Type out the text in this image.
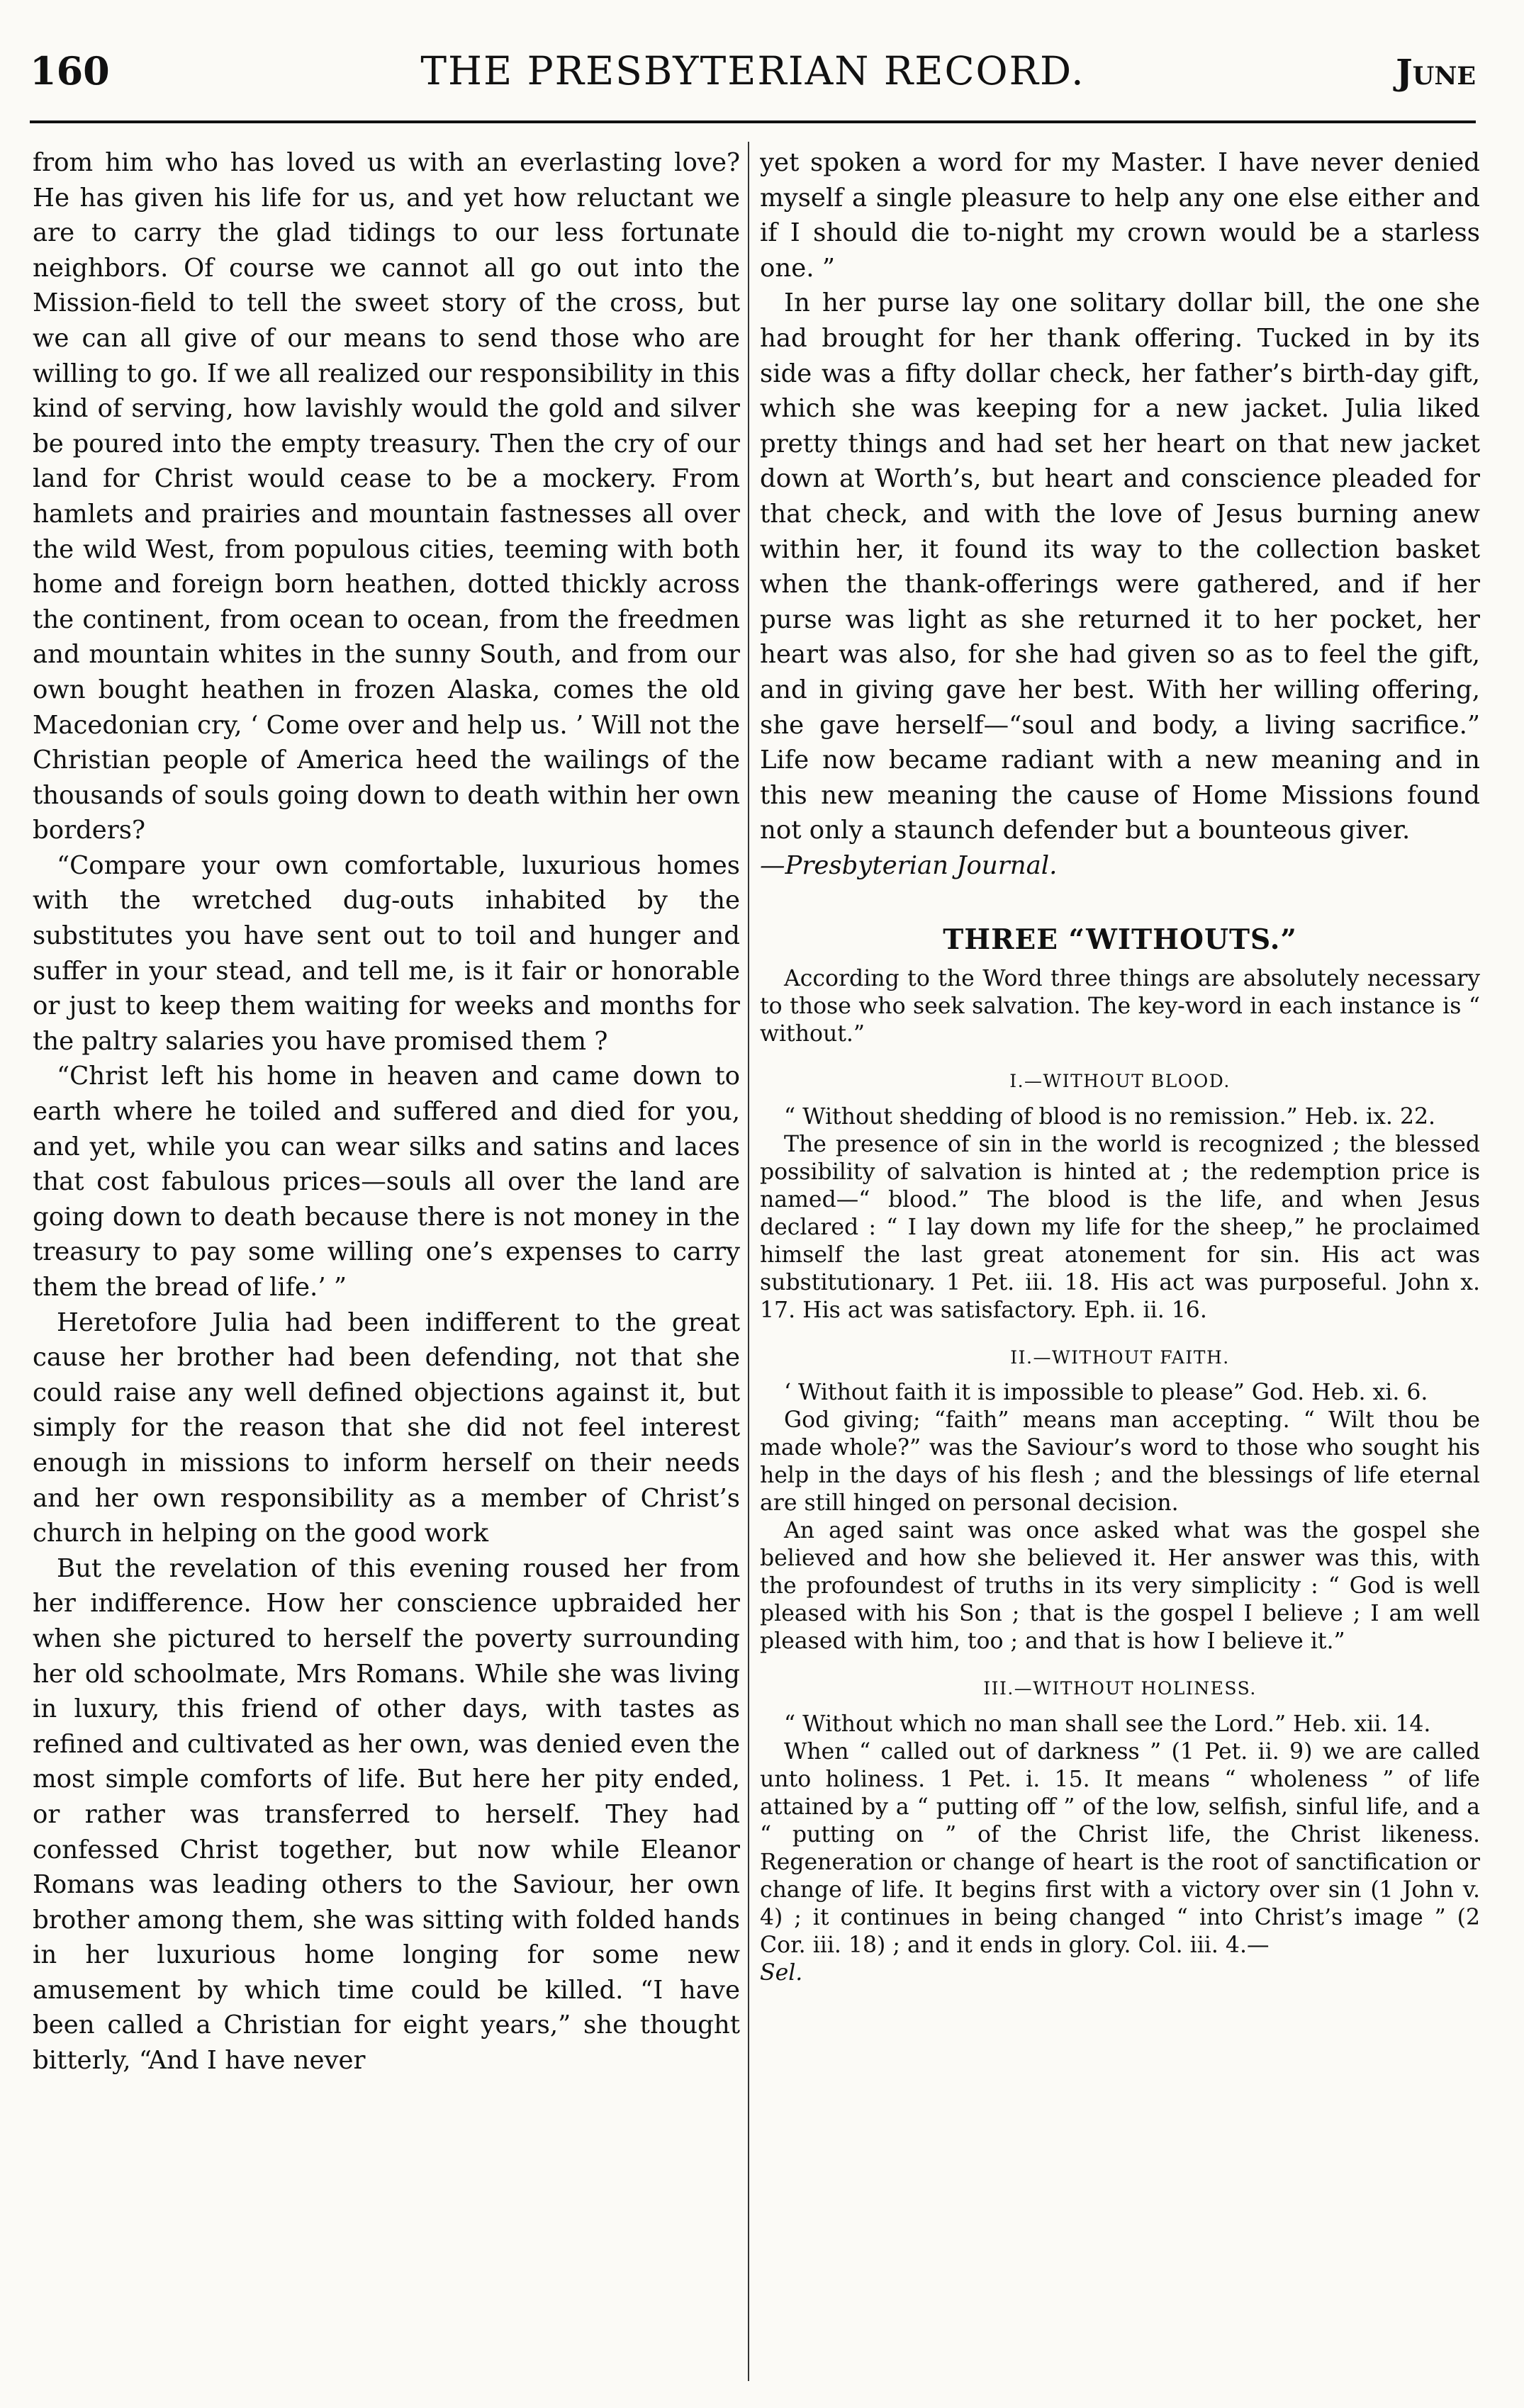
THE PRESBYTERIAN RECORD.
160	June

from him who has loved us with an everlasting love? He has given his life for us, and yet how reluctant we are to carry the glad tidings to our less fortunate neighbors. Of course we cannot all go out into the Mission-field to tell the sweet story of the cross, but we can all give of our means to send those who are willing to go. If we all realized our responsibility in this kind of serving, how lavishly would the gold and silver be poured into the empty treasury. Then the cry of our land for Christ would cease to be a mockery. From hamlets and prairies and mountain fastnesses all over the wild West, from populous cities, teeming with both home and foreign born heathen, dotted thickly across the continent, from ocean to ocean, from the freedmen and mountain whites in the sunny South, and from our own bought heathen in frozen Alaska, comes the old Macedonian cry, ‘ Come over and help us. ’ Will not the Christian people of America heed the wailings of the thousands of souls going down to death within her own borders?

“Compare your own comfortable, luxurious homes with the wretched dug-outs inhabited by the substitutes you have sent out to toil and hunger and suffer in your stead, and tell me, is it fair or honorable or just to keep them waiting for weeks and months for the paltry salaries you have promised them ?

“Christ left his home in heaven and came down to earth where he toiled and suffered and died for you, and yet, while you can wear silks and satins and laces that cost fabulous prices—souls all over the land are going down to death because there is not money in the treasury to pay some willing one’s expenses to carry them the bread of life.’ ”

Heretofore Julia had been indifferent to the great cause her brother had been defending, not that she could raise any well defined objections against it, but simply for the reason that she did not feel interest enough in missions to inform herself on their needs and her own responsibility as a member of Christ’s church in helping on the good work

But the revelation of this evening roused her from her indifference. How her conscience upbraided her when she pictured to herself the poverty surrounding her old schoolmate, Mrs Romans. While she was living in luxury, this friend of other days, with tastes as refined and cultivated as her own, was denied even the most simple comforts of life. But here her pity ended, or rather was transferred to herself. They had confessed Christ together, but now while Eleanor Romans was leading others to the Saviour, her own brother among them, she was sitting with folded hands in her luxurious home longing for some new amusement by which time could be killed. “I have been called a Christian for eight years,” she thought bitterly, “And I have never

yet spoken a word for my Master. I have never denied myself a single pleasure to help any one else either and if I should die to-night my crown would be a starless one. ”

In her purse lay one solitary dollar bill, the one she had brought for her thank offering. Tucked in by its side was a fifty dollar check, her father’s birth-day gift, which she was keeping for a new jacket. Julia liked pretty things and had set her heart on that new jacket down at Worth’s, but heart and conscience pleaded for that check, and with the love of Jesus burning anew within her, it found its way to the collection basket when the thank-offerings were gathered, and if her purse was light as she returned it to her pocket, her heart was also, for she had given so as to feel the gift, and in giving gave her best. With her willing offering, she gave herself—“soul and body, a living sacrifice.” Life now became radiant with a new meaning and in this new meaning the cause of Home Missions found not only a staunch defender but a bounteous giver.

—Presbyterian Journal.

THREE “WITHOUTS.”

According to the Word three things are absolutely necessary to those who seek salvation. The key-word in each instance is “ without.”

I.—WITHOUT BLOOD.

“ Without shedding of blood is no remission.” Heb. ix. 22.

The presence of sin in the world is recognized ; the blessed possibility of salvation is hinted at ; the redemption price is named—“ blood.” The blood is the life, and when Jesus declared : “ I lay down my life for the sheep,” he proclaimed himself the last great atonement for sin. His act was substitutionary. 1 Pet. iii. 18. His act was purposeful. John x. 17. His act was satisfactory. Eph. ii. 16.

II.—WITHOUT FAITH.

‘ Without faith it is impossible to please” God. Heb. xi. 6.

God giving; “faith” means man accepting. “ Wilt thou be made whole?” was the Saviour’s word to those who sought his help in the days of his flesh ; and the blessings of life eternal are still hinged on personal decision.

An aged saint was once asked what was the gospel she believed and how she believed it. Her answer was this, with the profoundest of truths in its very simplicity : “ God is well pleased with his Son ; that is the gospel I believe ; I am well pleased with him, too ; and that is how I believe it.”

III.—WITHOUT HOLINESS.

“ Without which no man shall see the Lord.” Heb. xii. 14.

When “ called out of darkness ” (1 Pet. ii. 9) we are called unto holiness. 1 Pet. i. 15. It means “ wholeness ” of life attained by a “ putting off ” of the low, selfish, sinful life, and a “ putting on ” of the Christ life, the Christ likeness. Regeneration or change of heart is the root of sanctification or change of life. It begins first with a victory over sin (1 John v. 4) ; it continues in being changed “ into Christ’s image ” (2 Cor. iii. 18) ; and it ends in glory. Col. iii. 4.—

Sel.
